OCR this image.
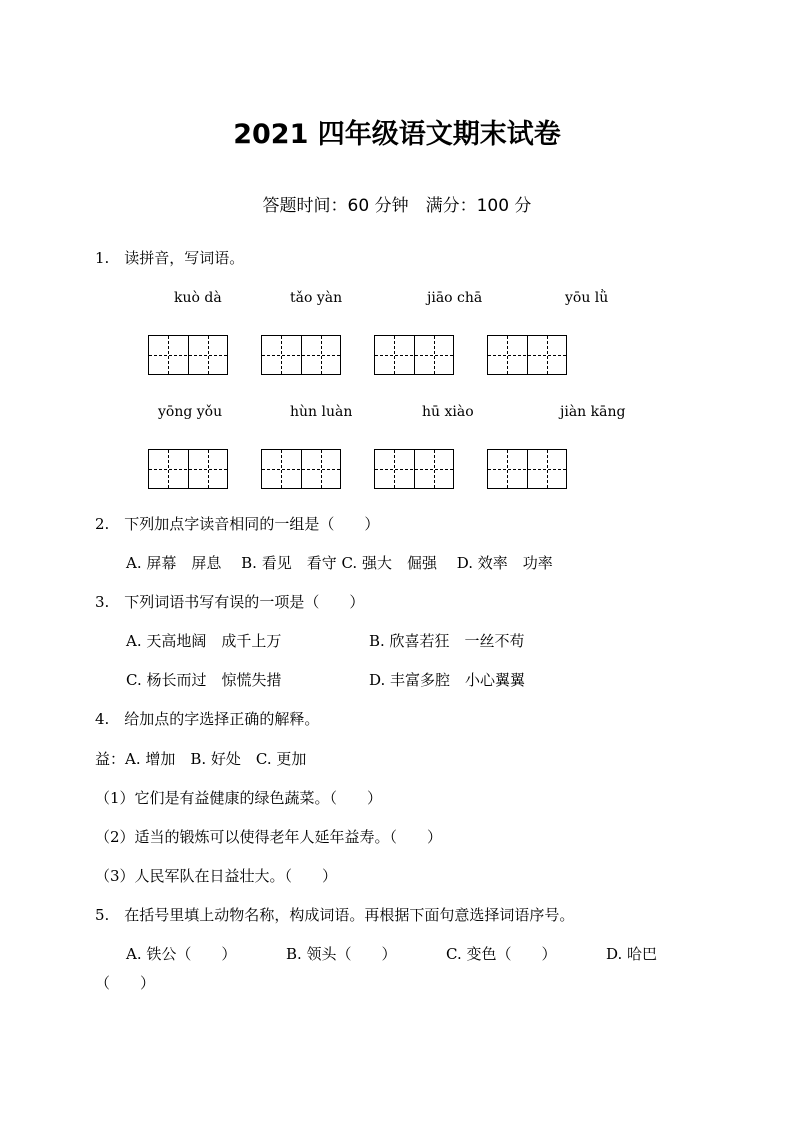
2021 四年级语文期末试卷
答题时间：60 分钟　满分：100 分
1.　读拼音，写词语。
kuò dà	tǎo yàn	jiāo chā	yōu lǜ
yōng yǒu	hùn luàn	hū xiào	jiàn kāng
2.　下列加点字读音相同的一组是（　　）
A. 屏幕　屏息　 B. 看见　看守 C. 强大　倔强　 D. 效率　功率
3.　下列词语书写有误的一项是（　　）
A. 天高地阔　成千上万	B. 欣喜若狂　一丝不苟
C. 杨长而过　惊慌失措	D. 丰富多腔　小心翼翼
4.　给加点的字选择正确的解释。
益：A. 增加　B. 好处　C. 更加
（1）它们是有益健康的绿色蔬菜。（　　）
（2）适当的锻炼可以使得老年人延年益寿。（　　）
（3）人民军队在日益壮大。（　　）
5.　在括号里填上动物名称，构成词语。再根据下面句意选择词语序号。
A. 铁公（　　）	B. 领头（　　）	C. 变色（　　）	D. 哈巴
（　　）
